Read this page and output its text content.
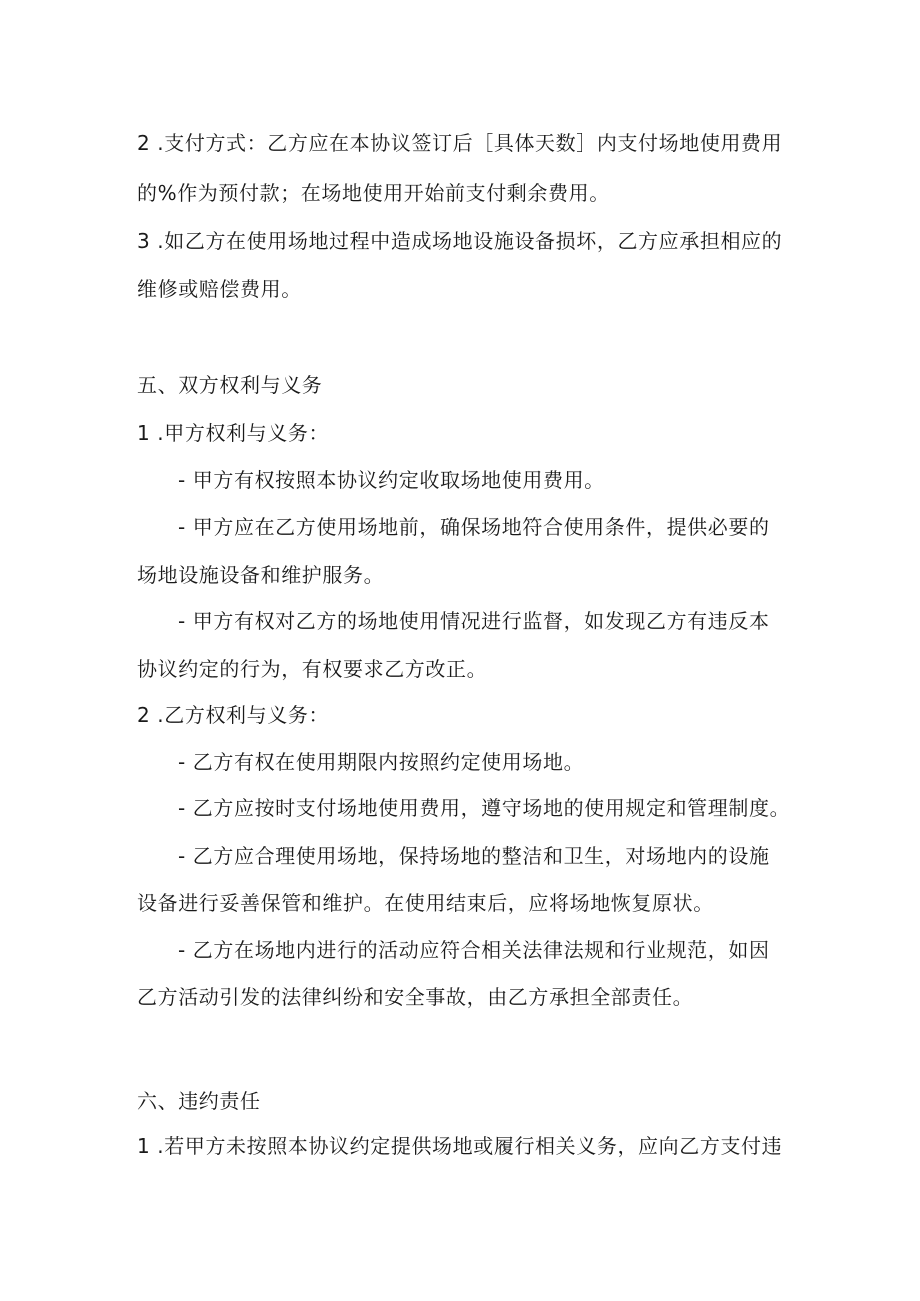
2 .支付方式：乙方应在本协议签订后［具体天数］内支付场地使用费用
的%作为预付款；在场地使用开始前支付剩余费用。
3 .如乙方在使用场地过程中造成场地设施设备损坏，乙方应承担相应的
维修或赔偿费用。
五、双方权利与义务
1 .甲方权利与义务：
- 甲方有权按照本协议约定收取场地使用费用。
- 甲方应在乙方使用场地前，确保场地符合使用条件，提供必要的
场地设施设备和维护服务。
- 甲方有权对乙方的场地使用情况进行监督，如发现乙方有违反本
协议约定的行为，有权要求乙方改正。
2 .乙方权利与义务：
- 乙方有权在使用期限内按照约定使用场地。
- 乙方应按时支付场地使用费用，遵守场地的使用规定和管理制度。
- 乙方应合理使用场地，保持场地的整洁和卫生，对场地内的设施
设备进行妥善保管和维护。在使用结束后，应将场地恢复原状。
- 乙方在场地内进行的活动应符合相关法律法规和行业规范，如因
乙方活动引发的法律纠纷和安全事故，由乙方承担全部责任。
六、违约责任
1 .若甲方未按照本协议约定提供场地或履行相关义务，应向乙方支付违
